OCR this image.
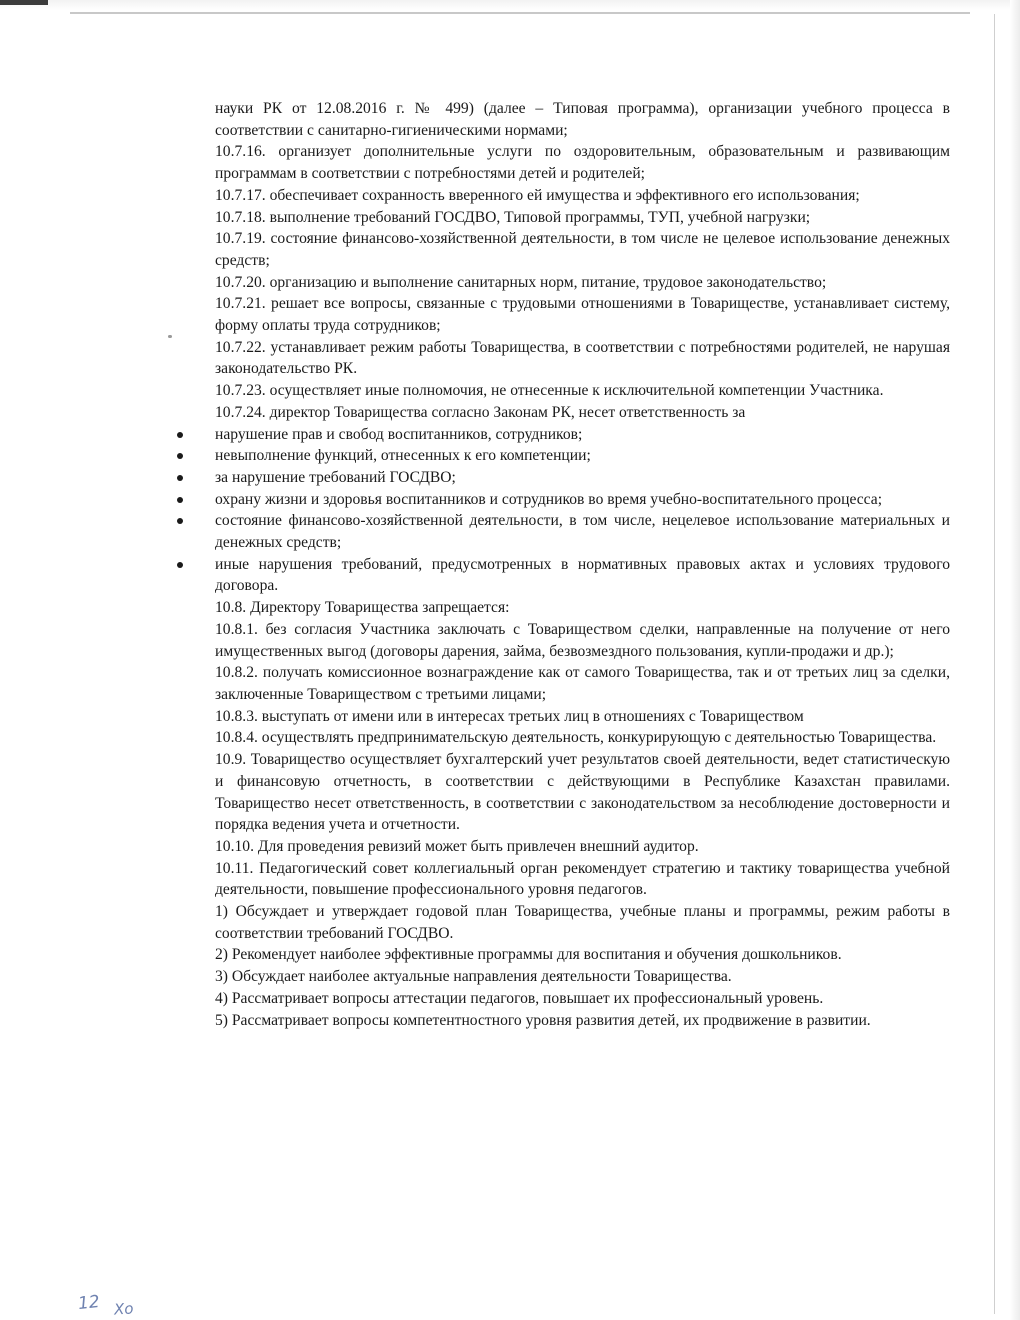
науки РК от 12.08.2016 г. № 499) (далее – Типовая программа), организации учебного процесса в соответствии с санитарно-гигиеническими нормами;

10.7.16. организует дополнительные услуги по оздоровительным, образовательным и развивающим программам в соответствии с потребностями детей и родителей;

10.7.17. обеспечивает сохранность вверенного ей имущества и эффективного его использования;

10.7.18. выполнение требований ГОСДВО, Типовой программы, ТУП, учебной нагрузки;

10.7.19. состояние финансово-хозяйственной деятельности, в том числе не целевое использование денежных средств;

10.7.20. организацию и выполнение санитарных норм, питание, трудовое законодательство;

10.7.21. решает все вопросы, связанные с трудовыми отношениями в Товариществе, устанавливает систему, форму оплаты труда сотрудников;

10.7.22. устанавливает режим работы Товарищества, в соответствии с потребностями родителей, не нарушая законодательство РК.

10.7.23. осуществляет иные полномочия, не отнесенные к исключительной компетенции Участника.

10.7.24. директор Товарищества согласно Законам РК, несет ответственность за

нарушение прав и свобод воспитанников, сотрудников;
невыполнение функций, отнесенных к его компетенции;
за нарушение требований ГОСДВО;
охрану жизни и здоровья воспитанников и сотрудников во время учебно-воспитательного процесса;
состояние финансово-хозяйственной деятельности, в том числе, нецелевое использование материальных и денежных средств;
иные нарушения требований, предусмотренных в нормативных правовых актах и условиях трудового договора.

10.8. Директору Товарищества запрещается:

10.8.1. без согласия Участника заключать с Товариществом сделки, направленные на получение от него имущественных выгод (договоры дарения, займа, безвозмездного пользования, купли-продажи и др.);

10.8.2. получать комиссионное вознаграждение как от самого Товарищества, так и от третьих лиц за сделки, заключенные Товариществом с третьими лицами;

10.8.3. выступать от имени или в интересах третьих лиц в отношениях с Товариществом

10.8.4. осуществлять предпринимательскую деятельность, конкурирующую с деятельностью Товарищества.

10.9. Товарищество осуществляет бухгалтерский учет результатов своей деятельности, ведет статистическую и финансовую отчетность, в соответствии с действующими в Республике Казахстан правилами. Товарищество несет ответственность, в соответствии с законодательством за несоблюдение достоверности и порядка ведения учета и отчетности.

10.10. Для проведения ревизий может быть привлечен внешний аудитор.

10.11. Педагогический совет коллегиальный орган рекомендует стратегию и тактику товарищества учебной деятельности, повышение профессионального уровня педагогов.

1) Обсуждает и утверждает годовой план Товарищества, учебные планы и программы, режим работы в соответствии требований ГОСДВО.

2) Рекомендует наиболее эффективные программы для воспитания и обучения дошкольников.

3) Обсуждает наиболее актуальные направления деятельности Товарищества.

4) Рассматривает вопросы аттестации педагогов, повышает их профессиональный уровень.

5) Рассматривает вопросы компетентностного уровня развития детей, их продвижение в развитии.

12 Хо
